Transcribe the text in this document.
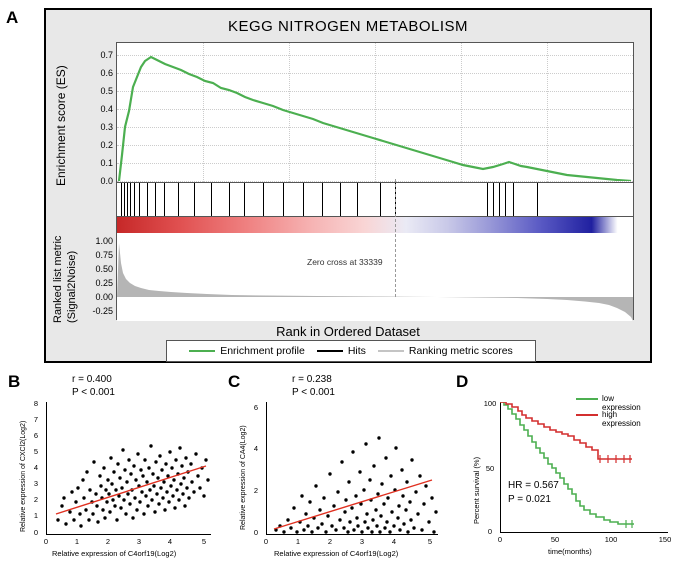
A	KEGG NITROGEN METABOLISM
Enrichment score (ES)
Ranked list metric (Signal2Noise)
0.7
0.6
0.5
0.4
0.3
0.2
0.1
0.0
1.00
0.75
0.50
0.25
0.00
-0.25
Zero cross at 33339
Rank in Ordered Dataset
Enrichment profile	Hits	Ranking metric scores
B	r = 0.400
P < 0.001
8
7
6
5
4
3
2
1
0
0	1	2	3	4	5
Relative expression of CXCl2(Log2)
Relative expression of C4orf19(Log2)
C	r = 0.238
P < 0.001
6
4
2
0
0	1	2	3	4	5
Relative expression of CA4(Log2)
Relative expression of C4orf19(Log2)
D
100
50
0
0	50	100	150
Percent survival (%)
time(months)
HR = 0.567
P = 0.021
low expression
high expression
